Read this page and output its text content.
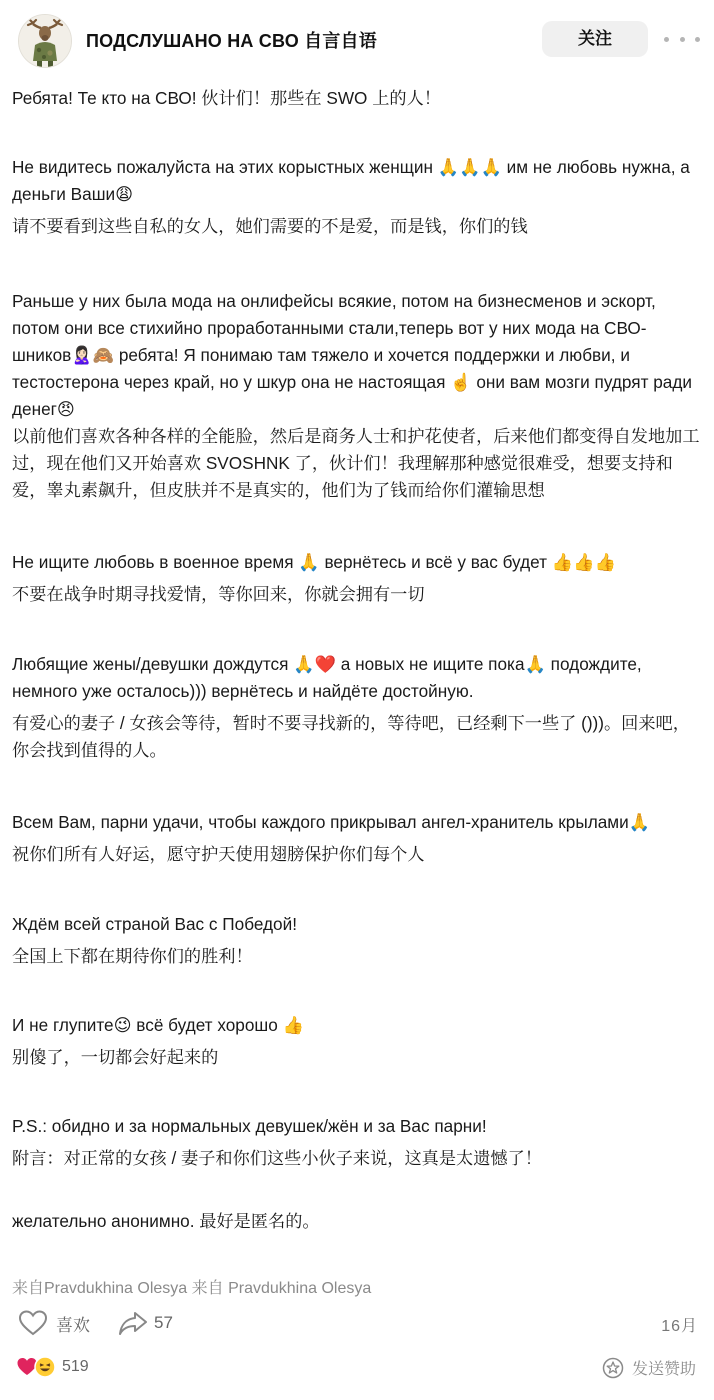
ПОДСЛУШАНО НА СВО 自言自语	关注

Ребята! Те кто на СВО! 伙计们！那些在 SWO 上的人！

Не видитесь пожалуйста на этих корыстных женщин 🙏🙏🙏 им не любовь нужна, а деньги Ваши😩

请不要看到这些自私的女人，她们需要的不是爱，而是钱，你们的钱

Раньше у них была мода на онлифейсы всякие, потом на бизнесменов и эскорт, потом они все стихийно проработанными стали,теперь вот у них мода на СВО-шников🙎🏻‍♀️🙈 ребята! Я понимаю там тяжело и хочется поддержки и любви, и тестостерона через край, но у шкур она не настоящая ☝️ они вам мозги пудрят ради денег😠

以前他们喜欢各种各样的全能脸，然后是商务人士和护花使者，后来他们都变得自发地加工过，现在他们又开始喜欢 SVOSHNK 了，伙计们！我理解那种感觉很难受，想要支持和爱，睾丸素飙升，但皮肤并不是真实的，他们为了钱而给你们灌输思想

Не ищите любовь в военное время 🙏 вернётесь и всё у вас будет 👍👍👍

不要在战争时期寻找爱情，等你回来，你就会拥有一切

Любящие жены/девушки дождутся 🙏❤️ а новых не ищите пока🙏 подождите, немного уже осталось))) вернётесь и найдёте достойную.

有爱心的妻子 / 女孩会等待，暂时不要寻找新的，等待吧，已经剩下一些了 ()))。回来吧，你会找到值得的人。

Всем Вам, парни удачи, чтобы каждого прикрывал ангел-хранитель крылами🙏

祝你们所有人好运，愿守护天使用翅膀保护你们每个人

Ждём всей страной Вас с Победой!

全国上下都在期待你们的胜利！

И не глупите😉 всё будет хорошо 👍

别傻了，一切都会好起来的

P.S.: обидно и за нормальных девушек/жён и за Вас парни!

附言：对正常的女孩 / 妻子和你们这些小伙子来说，这真是太遗憾了！

желательно анонимно. 最好是匿名的。

来自Pravdukhina Olesya 来自 Pravdukhina Olesya
喜欢	57	16月
519	发送赞助
